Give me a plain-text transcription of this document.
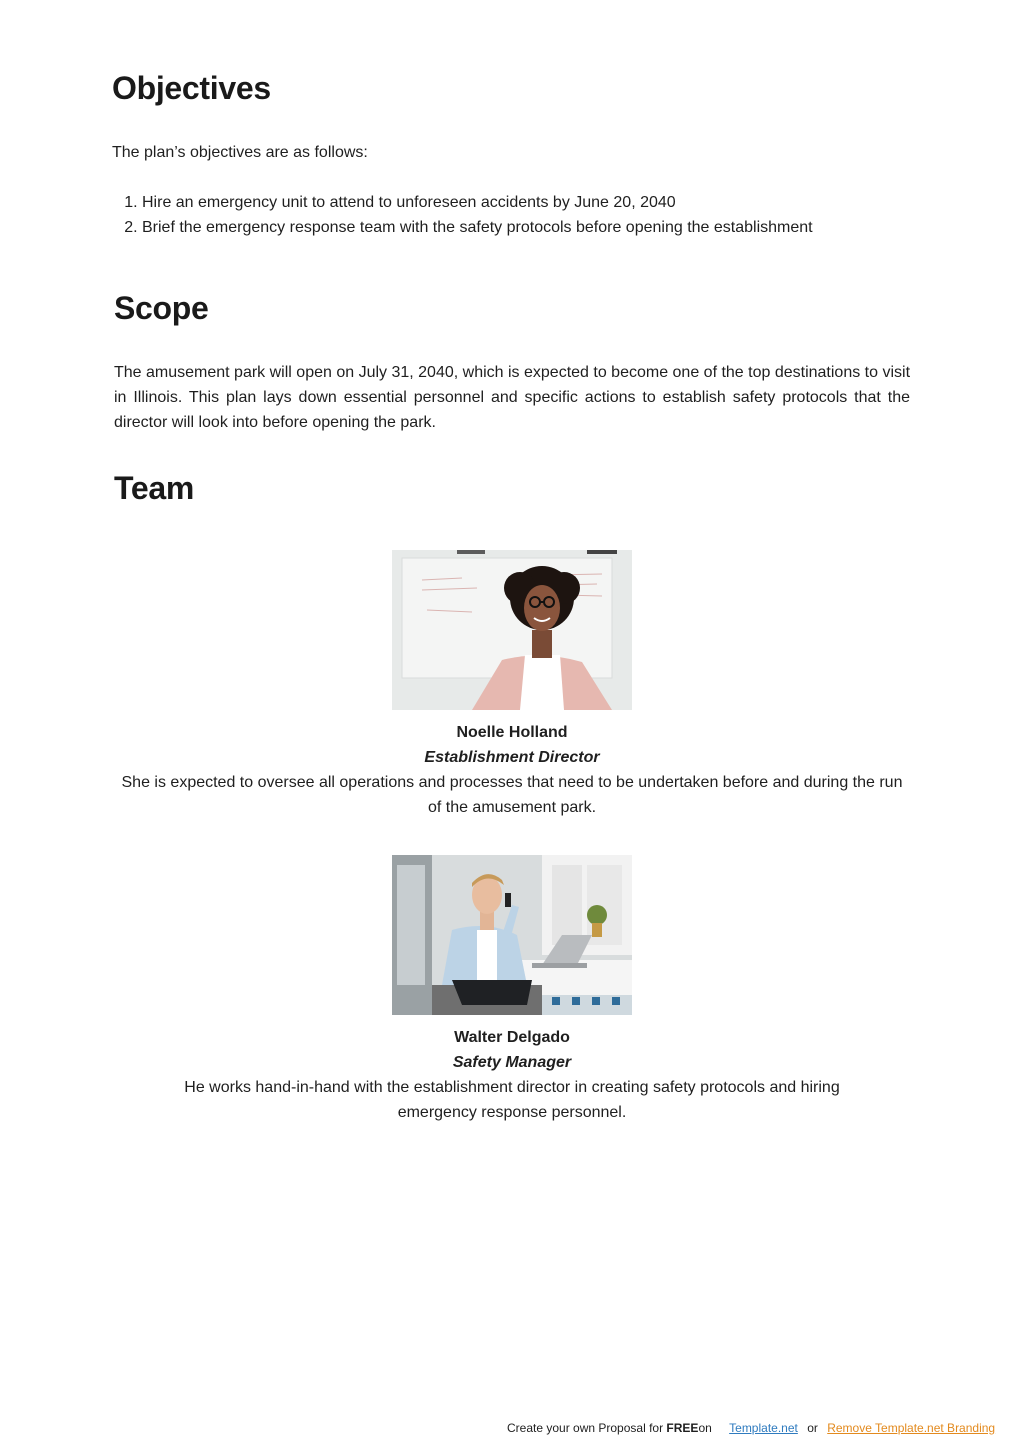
Objectives

The plan’s objectives are as follows:

1. Hire an emergency unit to attend to unforeseen accidents by June 20, 2040
2. Brief the emergency response team with the safety protocols before opening the establishment
Scope

The amusement park will open on July 31, 2040, which is expected to become one of the top destinations to visit in Illinois. This plan lays down essential personnel and specific actions to establish safety protocols that the director will look into before opening the park.

Team

Noelle Holland

Establishment Director

She is expected to oversee all operations and processes that need to be undertaken before and during the run of the amusement park.

Walter Delgado

Safety Manager

He works hand-in-hand with the establishment director in creating safety protocols and hiring emergency response personnel.

Create your own Proposal for FREEon Template.net or Remove Template.net Branding
